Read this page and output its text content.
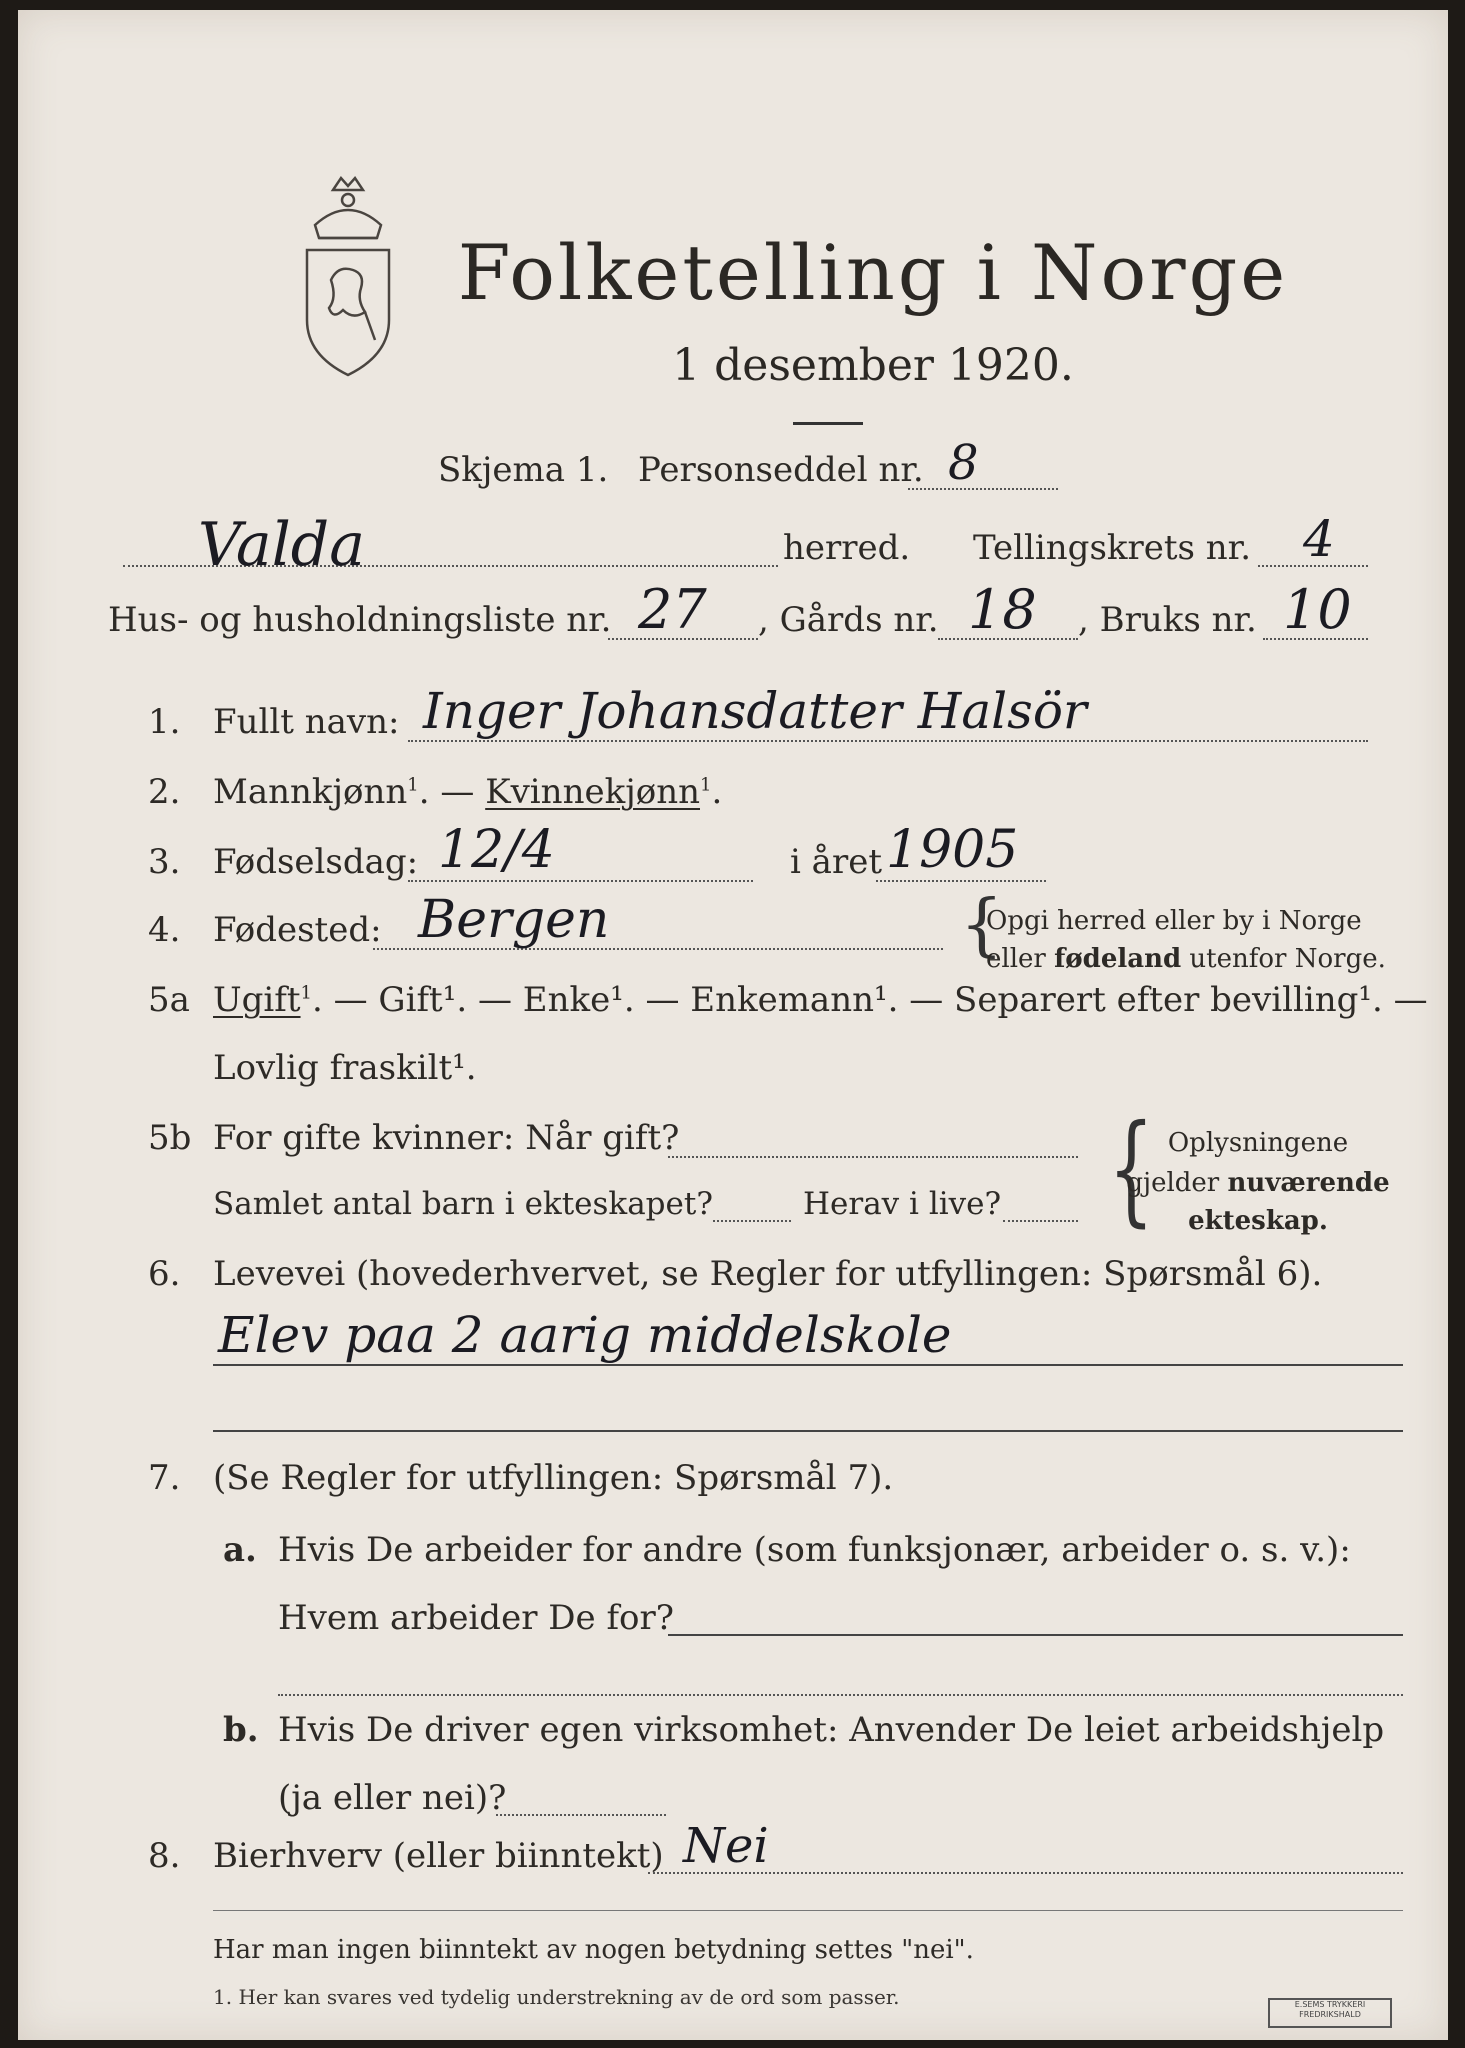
Folketelling i Norge
1 desember 1920.
Skjema 1. Personseddel nr. 8
Valda	herred. Tellingskrets nr. 4
Hus- og husholdningsliste nr. 27 , Gårds nr. 18 , Bruks nr. 10
1. Fullt navn: Inger Johansdatter Halsör
2. Mannkjønn$^1$. — Kvinnekjønn$^1$.
3. Fødselsdag: 12/4	i året 1905
4. Fødested: Bergen	{
Opgi herred eller by i Norge
eller fødeland utenfor Norge.
5a Ugift$^1$. — Gift¹. — Enke¹. — Enkemann¹. — Separert efter bevilling¹. —
Lovlig fraskilt¹.
5b For gifte kvinner: Når gift?
Samlet antal barn i ekteskapet?	Herav i live? { Oplysningene
gjelder nuværende
ekteskap.
6. Levevei (hovederhvervet, se Regler for utfyllingen: Spørsmål 6).
Elev paa 2 aarig middelskole
7. (Se Regler for utfyllingen: Spørsmål 7).
a. Hvis De arbeider for andre (som funksjonær, arbeider o. s. v.):
Hvem arbeider De for?
b. Hvis De driver egen virksomhet: Anvender De leiet arbeidshjelp
(ja eller nei)?
8. Bierhverv (eller biinntekt) Nei
Har man ingen biinntekt av nogen betydning settes "nei".
1. Her kan svares ved tydelig understrekning av de ord som passer.	E.SEMS TRYKKERI
FREDRIKSHALD
